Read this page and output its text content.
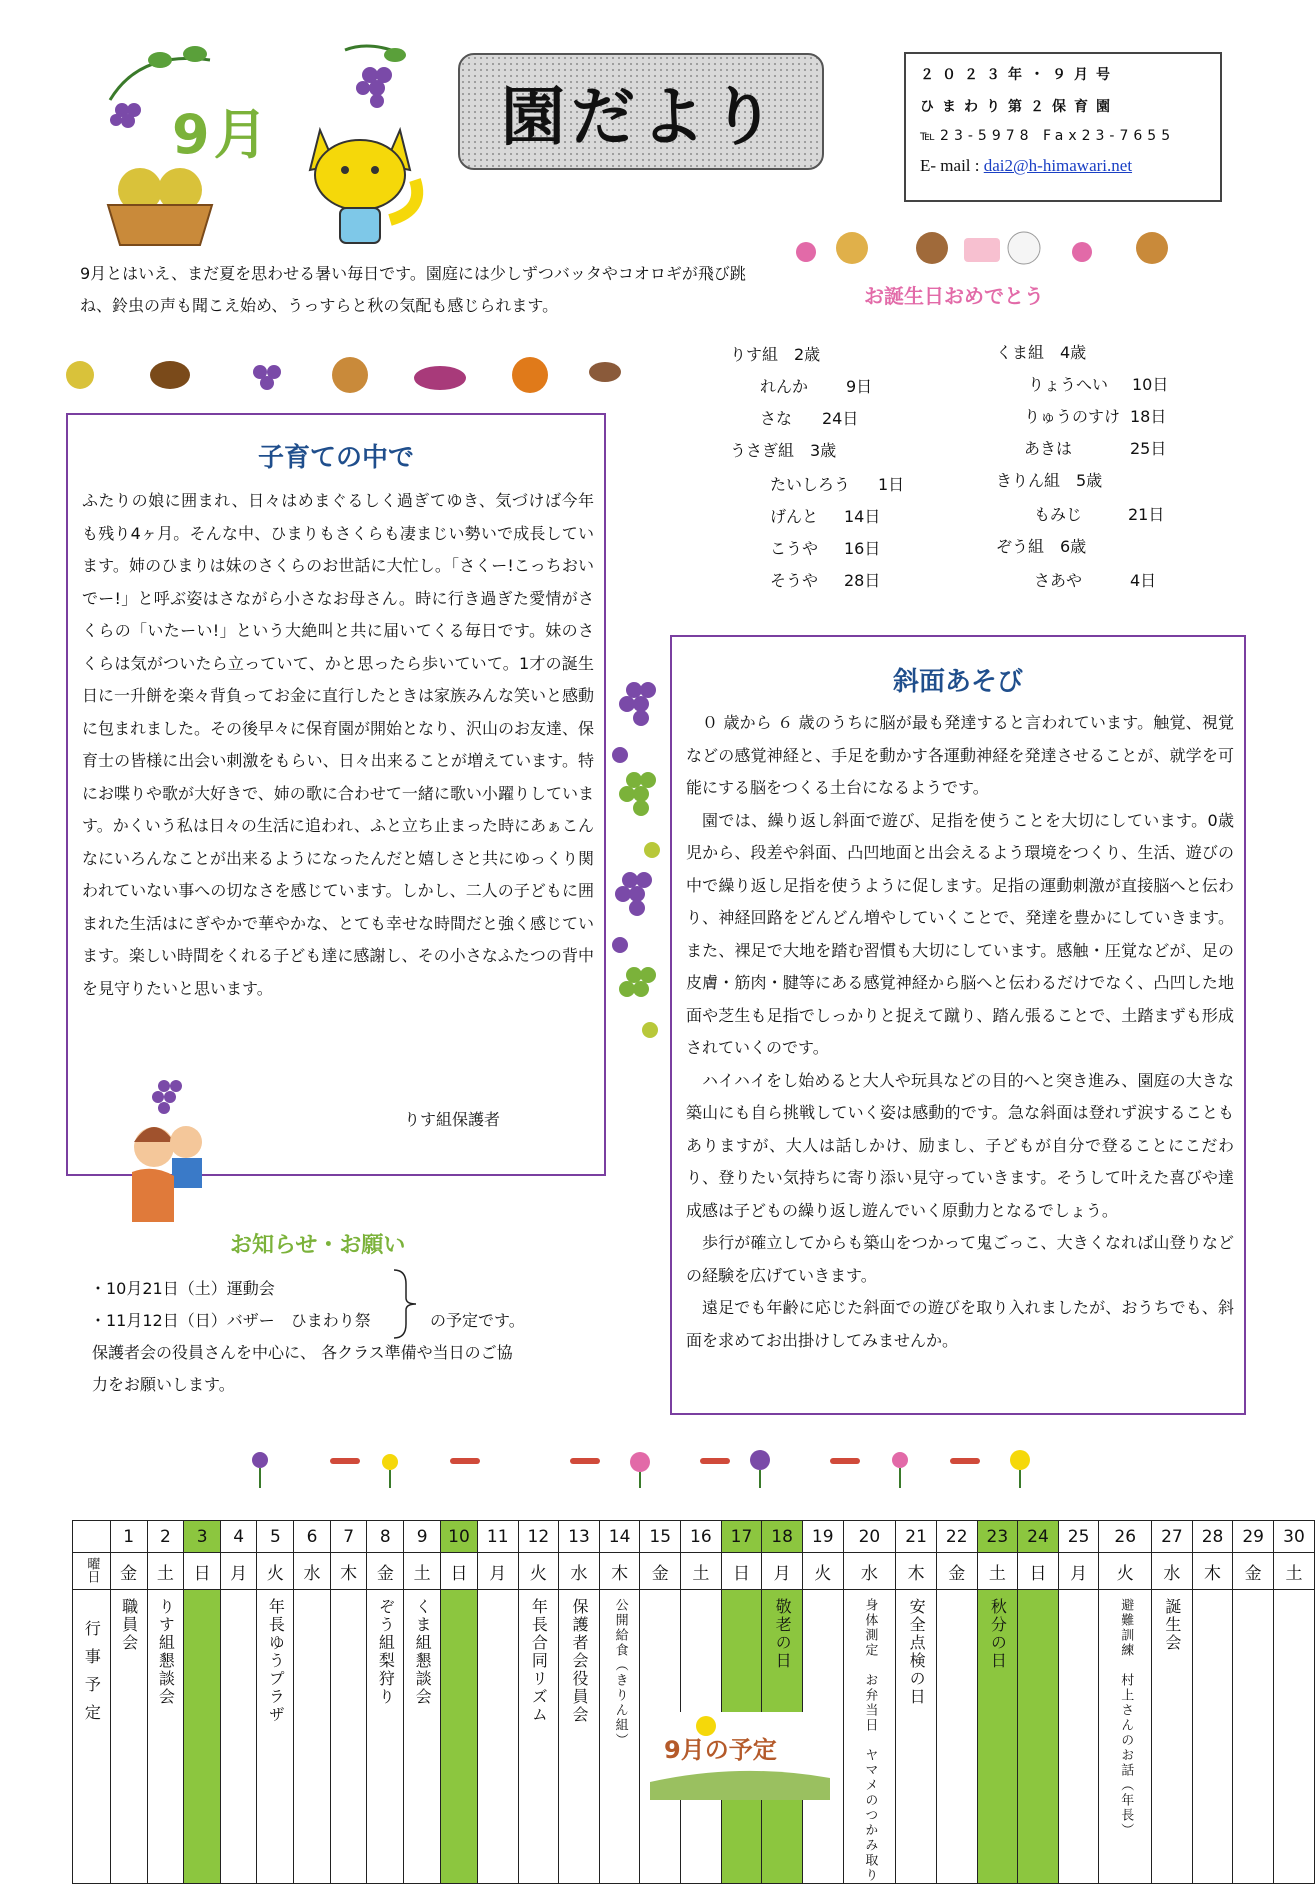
9月	園だより
２０２３年・９月号
ひまわり第２保育園
℡23-5978 Fax23-7655
E- mail : dai2@h-himawari.net
9月とはいえ、まだ夏を思わせる暑い毎日です。園庭には少しずつバッタやコオロギが飛び跳ね、鈴虫の声も聞こえ始め、うっすらと秋の気配も感じられます。	お誕生日おめでとう
りす組　2歳
れんか 9日
さな 24日
うさぎ組　3歳
たいしろう 1日
げんと 14日
こうや 16日
そうや 28日
くま組　4歳
りょうへい 10日
りゅうのすけ 18日
あきは	25日
きりん組　5歳
もみじ	21日
ぞう組　6歳
さあや	4日
子育ての中で
ふたりの娘に囲まれ、日々はめまぐるしく過ぎてゆき、気づけば今年も残り4ヶ月。そんな中、ひまりもさくらも凄まじい勢いで成長しています。姉のひまりは妹のさくらのお世話に大忙し。「さくー!こっちおいでー!」と呼ぶ姿はさながら小さなお母さん。時に行き過ぎた愛情がさくらの「いたーい!」という大絶叫と共に届いてくる毎日です。妹のさくらは気がついたら立っていて、かと思ったら歩いていて。1才の誕生日に一升餅を楽々背負ってお金に直行したときは家族みんな笑いと感動に包まれました。その後早々に保育園が開始となり、沢山のお友達、保育士の皆様に出会い刺激をもらい、日々出来ることが増えています。特にお喋りや歌が大好きで、姉の歌に合わせて一緒に歌い小躍りしています。かくいう私は日々の生活に追われ、ふと立ち止まった時にあぁこんなにいろんなことが出来るようになったんだと嬉しさと共にゆっくり関われていない事への切なさを感じています。しかし、二人の子どもに囲まれた生活はにぎやかで華やかな、とても幸せな時間だと強く感じています。楽しい時間をくれる子ども達に感謝し、その小さなふたつの背中を見守りたいと思います。
りす組保護者
お知らせ・お願い
・10月21日（土）運動会
・11月12日（日）バザー　ひまわり祭	の予定です。
保護者会の役員さんを中心に、 各クラス準備や当日のご協
力をお願いします。
斜面あそび

０ 歳から ６ 歳のうちに脳が最も発達すると言われています。触覚、視覚などの感覚神経と、手足を動かす各運動神経を発達させることが、就学を可能にする脳をつくる土台になるようです。

園では、繰り返し斜面で遊び、足指を使うことを大切にしています。0歳児から、段差や斜面、凸凹地面と出会えるよう環境をつくり、生活、遊びの中で繰り返し足指を使うように促します。足指の運動刺激が直接脳へと伝わり、神経回路をどんどん増やしていくことで、発達を豊かにしていきます。また、裸足で大地を踏む習慣も大切にしています。感触・圧覚などが、足の皮膚・筋肉・腱等にある感覚神経から脳へと伝わるだけでなく、凸凹した地面や芝生も足指でしっかりと捉えて蹴り、踏ん張ることで、土踏まずも形成されていくのです。

ハイハイをし始めると大人や玩具などの目的へと突き進み、園庭の大きな築山にも自ら挑戦していく姿は感動的です。急な斜面は登れず涙することもありますが、大人は話しかけ、励まし、子どもが自分で登ることにこだわり、登りたい気持ちに寄り添い見守っていきます。そうして叶えた喜びや達成感は子どもの繰り返し遊んでいく原動力となるでしょう。

歩行が確立してからも築山をつかって鬼ごっこ、大きくなれば山登りなどの経験を広げていきます。

遠足でも年齢に応じた斜面での遊びを取り入れましたが、おうちでも、斜面を求めてお出掛けしてみませんか。

	1	2	3	4	5	6	7	8	9	10	11	12	13	14	15	16	17	18	19	20	21	22	23	24	25	26	27	28	29	30
曜日	金	土	日	月	火	水	木	金	土	日	月	火	水	木	金	土	日	月	火	水	木	金	土	日	月	火	水	木	金	土

行事予定	職員会	りす組懇談会			年長ゆうプラザ			ぞう組梨狩り	くま組懇談会			年長合同リズム	保護者会役員会	公開給食（きりん組）				敬老の日		身体測定　お弁当日　ヤマメのつかみ取り	安全点検の日		秋分の日			避難訓練　村上さんのお話（年長）	誕生会			

9月の予定
